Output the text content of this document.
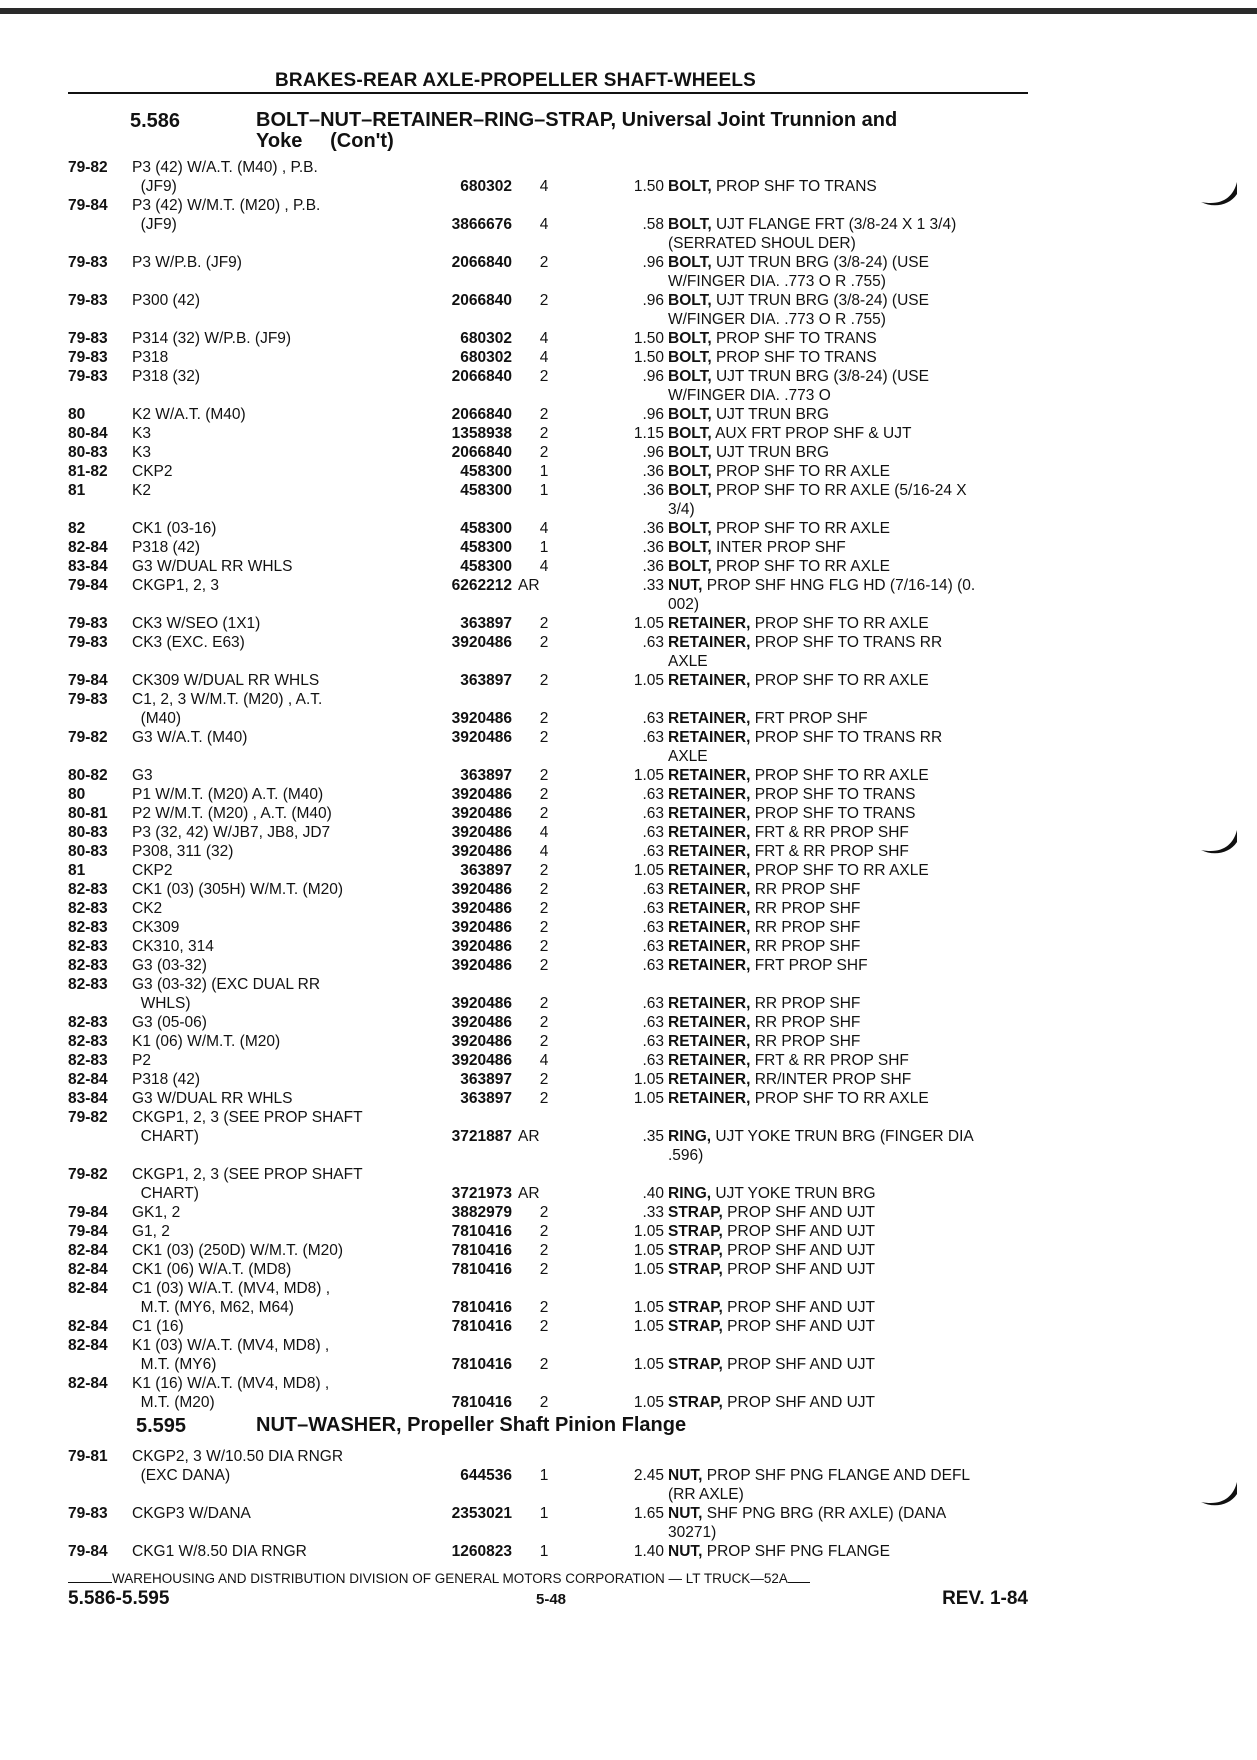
BRAKES-REAR AXLE-PROPELLER SHAFT-WHEELS
5.586	BOLT–NUT–RETAINER–RING–STRAP, Universal Joint Trunnion and
Yoke (Con't)
79-82 P3 (42) W/A.T. (M40) , P.B.
(JF9)	680302	4	1.50 BOLT, PROP SHF TO TRANS
79-84 P3 (42) W/M.T. (M20) , P.B.
(JF9)	3866676	4	.58 BOLT, UJT FLANGE FRT (3/8-24 X 1 3/4)
(SERRATED SHOUL DER)
79-83 P3 W/P.B. (JF9)	2066840	2	.96 BOLT, UJT TRUN BRG (3/8-24) (USE
W/FINGER DIA. .773 O R .755)
79-83 P300 (42)	2066840	2	.96 BOLT, UJT TRUN BRG (3/8-24) (USE
W/FINGER DIA. .773 O R .755)
79-83 P314 (32) W/P.B. (JF9)	680302	4	1.50 BOLT, PROP SHF TO TRANS
79-83 P318	680302	4	1.50 BOLT, PROP SHF TO TRANS
79-83 P318 (32)	2066840	2	.96 BOLT, UJT TRUN BRG (3/8-24) (USE
W/FINGER DIA. .773 O
80	K2 W/A.T. (M40)	2066840	2	.96 BOLT, UJT TRUN BRG
80-84 K3	1358938	2	1.15 BOLT, AUX FRT PROP SHF & UJT
80-83 K3	2066840	2	.96 BOLT, UJT TRUN BRG
81-82 CKP2	458300	1	.36 BOLT, PROP SHF TO RR AXLE
81	K2	458300	1	.36 BOLT, PROP SHF TO RR AXLE (5/16-24 X
3/4)
82	CK1 (03-16)	458300	4	.36 BOLT, PROP SHF TO RR AXLE
82-84 P318 (42)	458300	1	.36 BOLT, INTER PROP SHF
83-84 G3 W/DUAL RR WHLS	458300	4	.36 BOLT, PROP SHF TO RR AXLE
79-84 CKGP1, 2, 3	6262212 AR	.33 NUT, PROP SHF HNG FLG HD (7/16-14) (0.
002)
79-83 CK3 W/SEO (1X1)	363897	2	1.05 RETAINER, PROP SHF TO RR AXLE
79-83 CK3 (EXC. E63)	3920486	2	.63 RETAINER, PROP SHF TO TRANS RR
AXLE
79-84 CK309 W/DUAL RR WHLS	363897	2	1.05 RETAINER, PROP SHF TO RR AXLE
79-83 C1, 2, 3 W/M.T. (M20) , A.T.
(M40)	3920486	2	.63 RETAINER, FRT PROP SHF
79-82 G3 W/A.T. (M40)	3920486	2	.63 RETAINER, PROP SHF TO TRANS RR
AXLE
80-82 G3	363897	2	1.05 RETAINER, PROP SHF TO RR AXLE
80	P1 W/M.T. (M20) A.T. (M40)	3920486	2	.63 RETAINER, PROP SHF TO TRANS
80-81 P2 W/M.T. (M20) , A.T. (M40)	3920486	2	.63 RETAINER, PROP SHF TO TRANS
80-83 P3 (32, 42) W/JB7, JB8, JD7	3920486	4	.63 RETAINER, FRT & RR PROP SHF
80-83 P308, 311 (32)	3920486	4	.63 RETAINER, FRT & RR PROP SHF
81	CKP2	363897	2	1.05 RETAINER, PROP SHF TO RR AXLE
82-83 CK1 (03) (305H) W/M.T. (M20)	3920486	2	.63 RETAINER, RR PROP SHF
82-83 CK2	3920486	2	.63 RETAINER, RR PROP SHF
82-83 CK309	3920486	2	.63 RETAINER, RR PROP SHF
82-83 CK310, 314	3920486	2	.63 RETAINER, RR PROP SHF
82-83 G3 (03-32)	3920486	2	.63 RETAINER, FRT PROP SHF
82-83 G3 (03-32) (EXC DUAL RR
WHLS)	3920486	2	.63 RETAINER, RR PROP SHF
82-83 G3 (05-06)	3920486	2	.63 RETAINER, RR PROP SHF
82-83 K1 (06) W/M.T. (M20)	3920486	2	.63 RETAINER, RR PROP SHF
82-83 P2	3920486	4	.63 RETAINER, FRT & RR PROP SHF
82-84 P318 (42)	363897	2	1.05 RETAINER, RR/INTER PROP SHF
83-84 G3 W/DUAL RR WHLS	363897	2	1.05 RETAINER, PROP SHF TO RR AXLE
79-82 CKGP1, 2, 3 (SEE PROP SHAFT
CHART)	3721887 AR	.35 RING, UJT YOKE TRUN BRG (FINGER DIA
.596)
79-82 CKGP1, 2, 3 (SEE PROP SHAFT
CHART)	3721973 AR	.40 RING, UJT YOKE TRUN BRG
79-84 GK1, 2	3882979	2	.33 STRAP, PROP SHF AND UJT
79-84 G1, 2	7810416	2	1.05 STRAP, PROP SHF AND UJT
82-84 CK1 (03) (250D) W/M.T. (M20)	7810416	2	1.05 STRAP, PROP SHF AND UJT
82-84 CK1 (06) W/A.T. (MD8)	7810416	2	1.05 STRAP, PROP SHF AND UJT
82-84 C1 (03) W/A.T. (MV4, MD8) ,
M.T. (MY6, M62, M64)	7810416	2	1.05 STRAP, PROP SHF AND UJT
82-84 C1 (16)	7810416	2	1.05 STRAP, PROP SHF AND UJT
82-84 K1 (03) W/A.T. (MV4, MD8) ,
M.T. (MY6)	7810416	2	1.05 STRAP, PROP SHF AND UJT
82-84 K1 (16) W/A.T. (MV4, MD8) ,
M.T. (M20)	7810416	2	1.05 STRAP, PROP SHF AND UJT
5.595	NUT–WASHER, Propeller Shaft Pinion Flange
79-81 CKGP2, 3 W/10.50 DIA RNGR
(EXC DANA)	644536	1	2.45 NUT, PROP SHF PNG FLANGE AND DEFL
(RR AXLE)
79-83 CKGP3 W/DANA	2353021	1	1.65 NUT, SHF PNG BRG (RR AXLE) (DANA
30271)
79-84 CKG1 W/8.50 DIA RNGR	1260823	1	1.40 NUT, PROP SHF PNG FLANGE
WAREHOUSING AND DISTRIBUTION DIVISION OF GENERAL MOTORS CORPORATION — LT TRUCK—52A
5.586-5.595	5-48	REV. 1-84
